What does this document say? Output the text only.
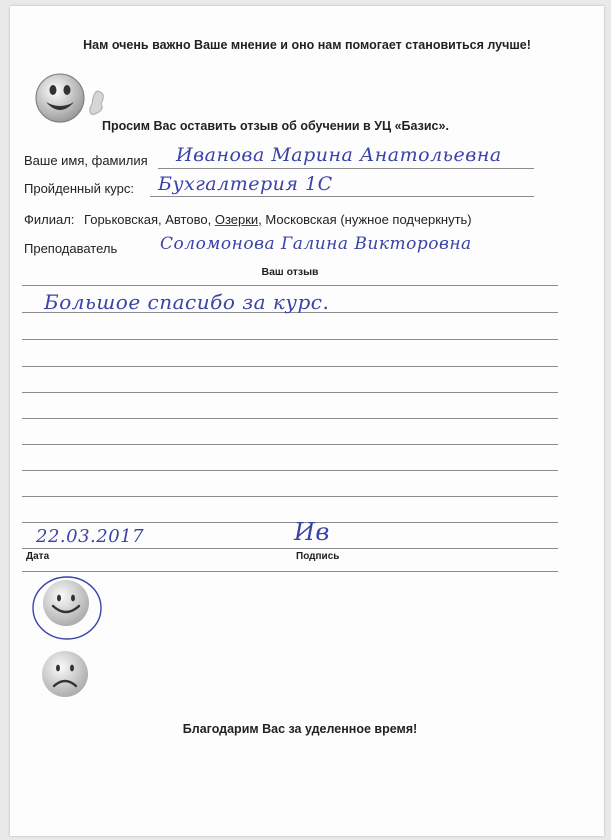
Нам очень важно Ваше мнение и оно нам помогает становиться лучше!
Просим Вас оставить отзыв об обучении в УЦ «Базис».
Ваше имя, фамилия Иванова Марина Анатольевна
Пройденный курс: Бухгалтерия 1С
Филиал: Горьковская, Автово, Озерки, Московская (нужное подчеркнуть)
Преподаватель	Соломонова Галина Викторовна
Ваш отзыв
Большое спасибо за курс.
22.03.2017	Ив
Дата	Подпись
Благодарим Вас за уделенное время!
